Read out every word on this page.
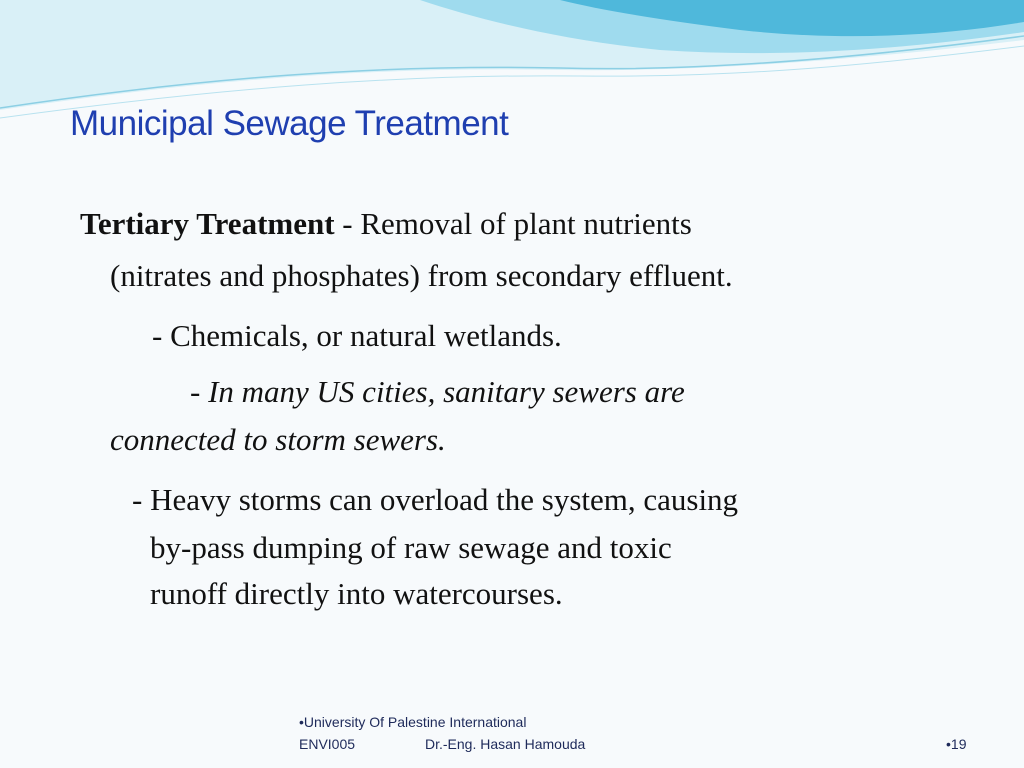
Municipal Sewage Treatment
Tertiary Treatment - Removal of plant nutrients
(nitrates and phosphates) from secondary effluent.
- Chemicals, or natural wetlands.
- In many US cities, sanitary sewers are
connected to storm sewers.
- Heavy storms can overload the system, causing
by-pass dumping of raw sewage and toxic
runoff directly into watercourses.
•University Of Palestine International
ENVI005	Dr.-Eng. Hasan Hamouda	•19
